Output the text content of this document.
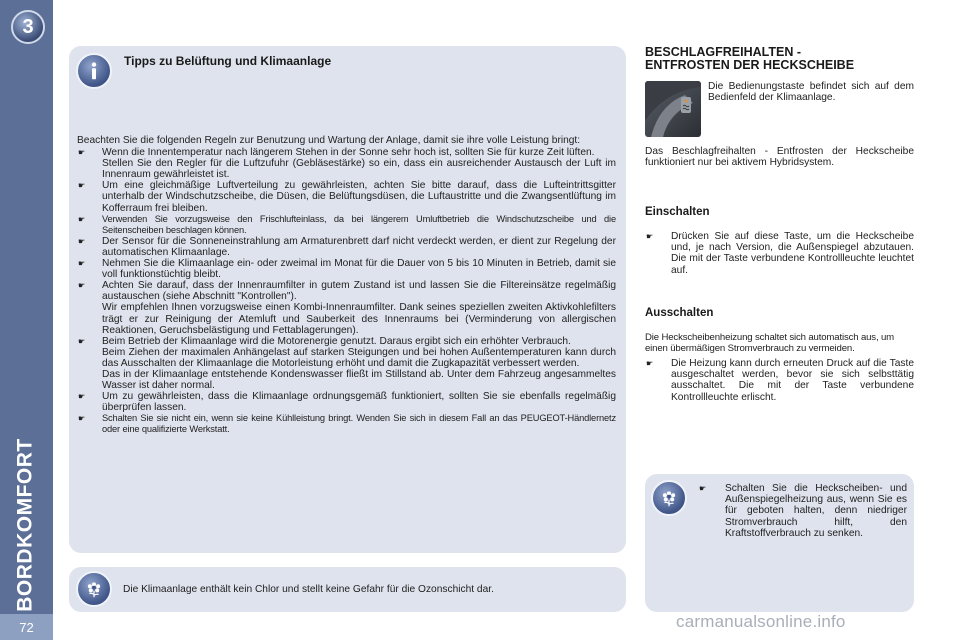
3
BORDKOMFORT
72
Tipps zu Belüftung und Klimaanlage

Beachten Sie die folgenden Regeln zur Benutzung und Wartung der Anlage, damit sie ihre volle Leistung bringt:

☛ Wenn die Innentemperatur nach längerem Stehen in der Sonne sehr hoch ist, sollten Sie für kurze Zeit lüften.
Stellen Sie den Regler für die Luftzufuhr (Gebläsestärke) so ein, dass ein ausreichender Austausch der Luft im Innenraum gewährleistet ist.
☛ Um eine gleichmäßige Luftverteilung zu gewährleisten, achten Sie bitte darauf, dass die Lufteintrittsgitter unterhalb der Windschutzscheibe, die Düsen, die Belüftungsdüsen, die Luftaustritte und die Zwangsentlüftung im Kofferraum frei bleiben.
☛ Verwenden Sie vorzugsweise den Frischlufteinlass, da bei längerem Umluftbetrieb die Windschutzscheibe und die Seitenscheiben beschlagen können.
☛ Der Sensor für die Sonneneinstrahlung am Armaturenbrett darf nicht verdeckt werden, er dient zur Regelung der automatischen Klimaanlage.
☛ Nehmen Sie die Klimaanlage ein- oder zweimal im Monat für die Dauer von 5 bis 10 Minuten in Betrieb, damit sie voll funktionstüchtig bleibt.
☛ Achten Sie darauf, dass der Innenraumfilter in gutem Zustand ist und lassen Sie die Filtereinsätze regelmäßig austauschen (siehe Abschnitt "Kontrollen").
Wir empfehlen Ihnen vorzugsweise einen Kombi-Innenraumfilter. Dank seines speziellen zweiten Aktivkohlefilters trägt er zur Reinigung der Atemluft und Sauberkeit des Innenraums bei (Verminderung von allergischen Reaktionen, Geruchsbelästigung und Fettablagerungen).
☛ Beim Betrieb der Klimaanlage wird die Motorenergie genutzt. Daraus ergibt sich ein erhöhter Verbrauch.
Beim Ziehen der maximalen Anhängelast auf starken Steigungen und bei hohen Außentemperaturen kann durch das Ausschalten der Klimaanlage die Motorleistung erhöht und damit die Zugkapazität verbessert werden.
Das in der Klimaanlage entstehende Kondenswasser fließt im Stillstand ab. Unter dem Fahrzeug angesammeltes Wasser ist daher normal.
☛ Um zu gewährleisten, dass die Klimaanlage ordnungsgemäß funktioniert, sollten Sie sie ebenfalls regelmäßig überprüfen lassen.
☛ Schalten Sie sie nicht ein, wenn sie keine Kühlleistung bringt. Wenden Sie sich in diesem Fall an das PEUGEOT-Händlernetz oder eine qualifizierte Werkstatt.
Die Klimaanlage enthält kein Chlor und stellt keine Gefahr für die Ozonschicht dar.
BESCHLAGFREIHALTEN -
ENTFROSTEN DER HECKSCHEIBE
Die Bedienungstaste befindet sich auf dem Bedienfeld der Klimaanlage.
Das Beschlagfreihalten - Entfrosten der Heckscheibe funktioniert nur bei aktivem Hybridsystem.
Einschalten
☛ Drücken Sie auf diese Taste, um die Heckscheibe und, je nach Version, die Außenspiegel abzutauen. Die mit der Taste verbundene Kontrollleuchte leuchtet auf.
Ausschalten
Die Heckscheibenheizung schaltet sich automatisch aus, um einen übermäßigen Stromverbrauch zu vermeiden.
☛ Die Heizung kann durch erneuten Druck auf die Taste ausgeschaltet werden, bevor sie sich selbsttätig ausschaltet. Die mit der Taste verbundene Kontrollleuchte erlischt.
☛ Schalten Sie die Heckscheiben- und Außenspiegelheizung aus, wenn Sie es für geboten halten, denn niedriger Stromverbrauch hilft, den Kraftstoffverbrauch zu senken.
carmanualsonline.info
